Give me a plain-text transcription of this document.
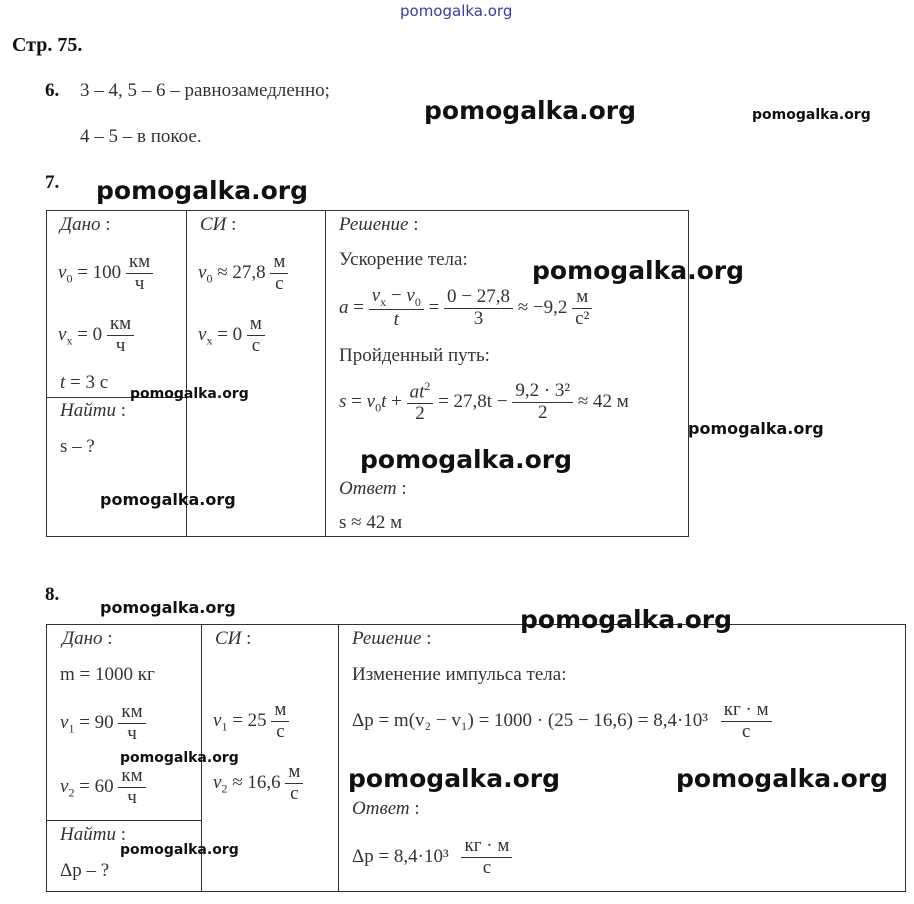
pomogalka.org
Стр. 75.
6. 3 – 4, 5 – 6 – равнозамедленно;
4 – 5 – в покое.
7.
Дано :
$v_0 = 100 \frac{км}{ч}$
$v_x = 0 \frac{км}{ч}$
t = 3 с
Найти :
s – ?
СИ :
$v_0 \approx 27,8 \frac{м}{с}$
$v_x = 0 \frac{м}{с}$
Решение :
Ускорение тела:
$a = \frac{v_x - v_0}{t} = \frac{0 - 27,8}{3} \approx -9,2 \frac{м}{\text{с²}}$
Пройденный путь:
$s = v_0t + \frac{at^2}{2} = 27,8t - \frac{\text{9,2 · 3²}}{2} \approx 42$ м
Ответ :
s ≈ 42 м
8.
Дано :
m = 1000 кг
$v_1 = 90 \frac{км}{ч}$
$v_2 = 60 \frac{км}{ч}$
Найти :
Δp – ?
СИ :
$v_1 = 25 \frac{м}{с}$
$v_2 \approx 16,6 \frac{м}{с}$
Решение :
Изменение импульса тела:
$\Delta p = m(v_2 - v_1) = 1000 \cdot (25 - 16,6) = 8,4\cdot 10^3 \frac{кг \cdot м}{с}$
Ответ :
$\Delta p = 8,4\cdot 10^3 \frac{кг \cdot м}{с}$
pomogalka.org	pomogalka.org
pomogalka.org
pomogalka.org
pomogalka.org
pomogalka.org
pomogalka.org
pomogalka.org
pomogalka.org	pomogalka.org
pomogalka.org
pomogalka.org	pomogalka.org
pomogalka.org
